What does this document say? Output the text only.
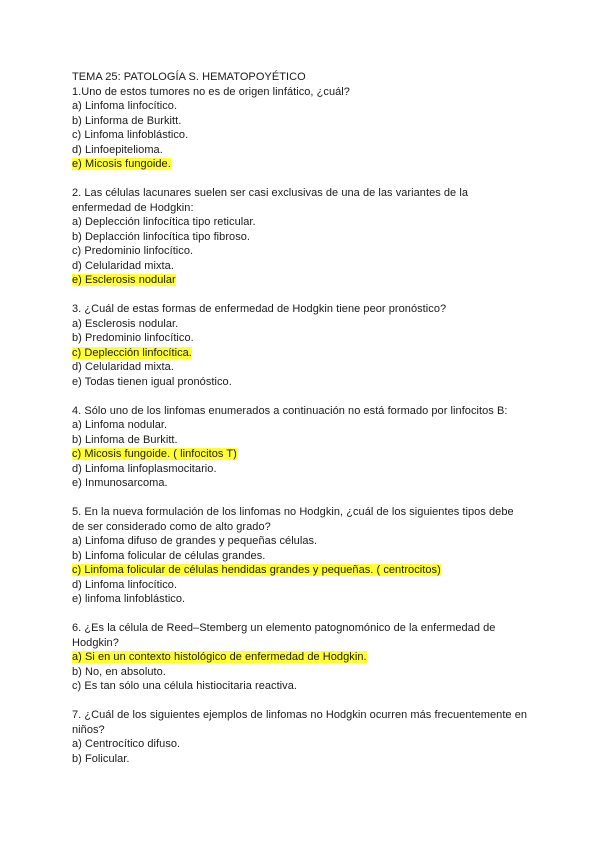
TEMA 25: PATOLOGÍA S. HEMATOPOYÉTICO

1.Uno de estos tumores no es de origen linfático, ¿cuál?

a) Linfoma linfocítico.

b) Linforma de Burkitt.

c) Linfoma linfoblástico.

d) Linfoepitelioma.

e) Micosis fungoide.

2. Las células lacunares suelen ser casi exclusivas de una de las variantes de la

enfermedad de Hodgkin:

a) Deplección linfocítica tipo reticular.

b) Deplacción linfocítica tipo fibroso.

c) Predominio linfocítico.

d) Celularidad mixta.

e) Esclerosis nodular

3. ¿Cuál de estas formas de enfermedad de Hodgkin tiene peor pronóstico?

a) Esclerosis nodular.

b) Predominio linfocítico.

c) Deplección linfocítica.

d) Celularidad mixta.

e) Todas tienen igual pronóstico.

4. Sólo uno de los linfomas enumerados a continuación no está formado por linfocitos B:

a) Linfoma nodular.

b) Linfoma de Burkitt.

c) Micosis fungoide. ( linfocitos T)

d) Linfoma linfoplasmocitario.

e) Inmunosarcoma.

5. En la nueva formulación de los linfomas no Hodgkin, ¿cuál de los siguientes tipos debe

de ser considerado como de alto grado?

a) Linfoma difuso de grandes y pequeñas células.

b) Linfoma folicular de células grandes.

c) Linfoma folicular de células hendidas grandes y pequeñas. ( centrocitos)

d) Linfoma linfocítico.

e) linfoma linfoblástico.

6. ¿Es la célula de Reed–Stemberg un elemento patognomónico de la enfermedad de

Hodgkin?

a) Si en un contexto histológico de enfermedad de Hodgkin.

b) No, en absoluto.

c) Es tan sólo una célula histiocitaria reactiva.

7. ¿Cuál de los siguientes ejemplos de linfomas no Hodgkin ocurren más frecuentemente en

niños?

a) Centrocítico difuso.

b) Folicular.
